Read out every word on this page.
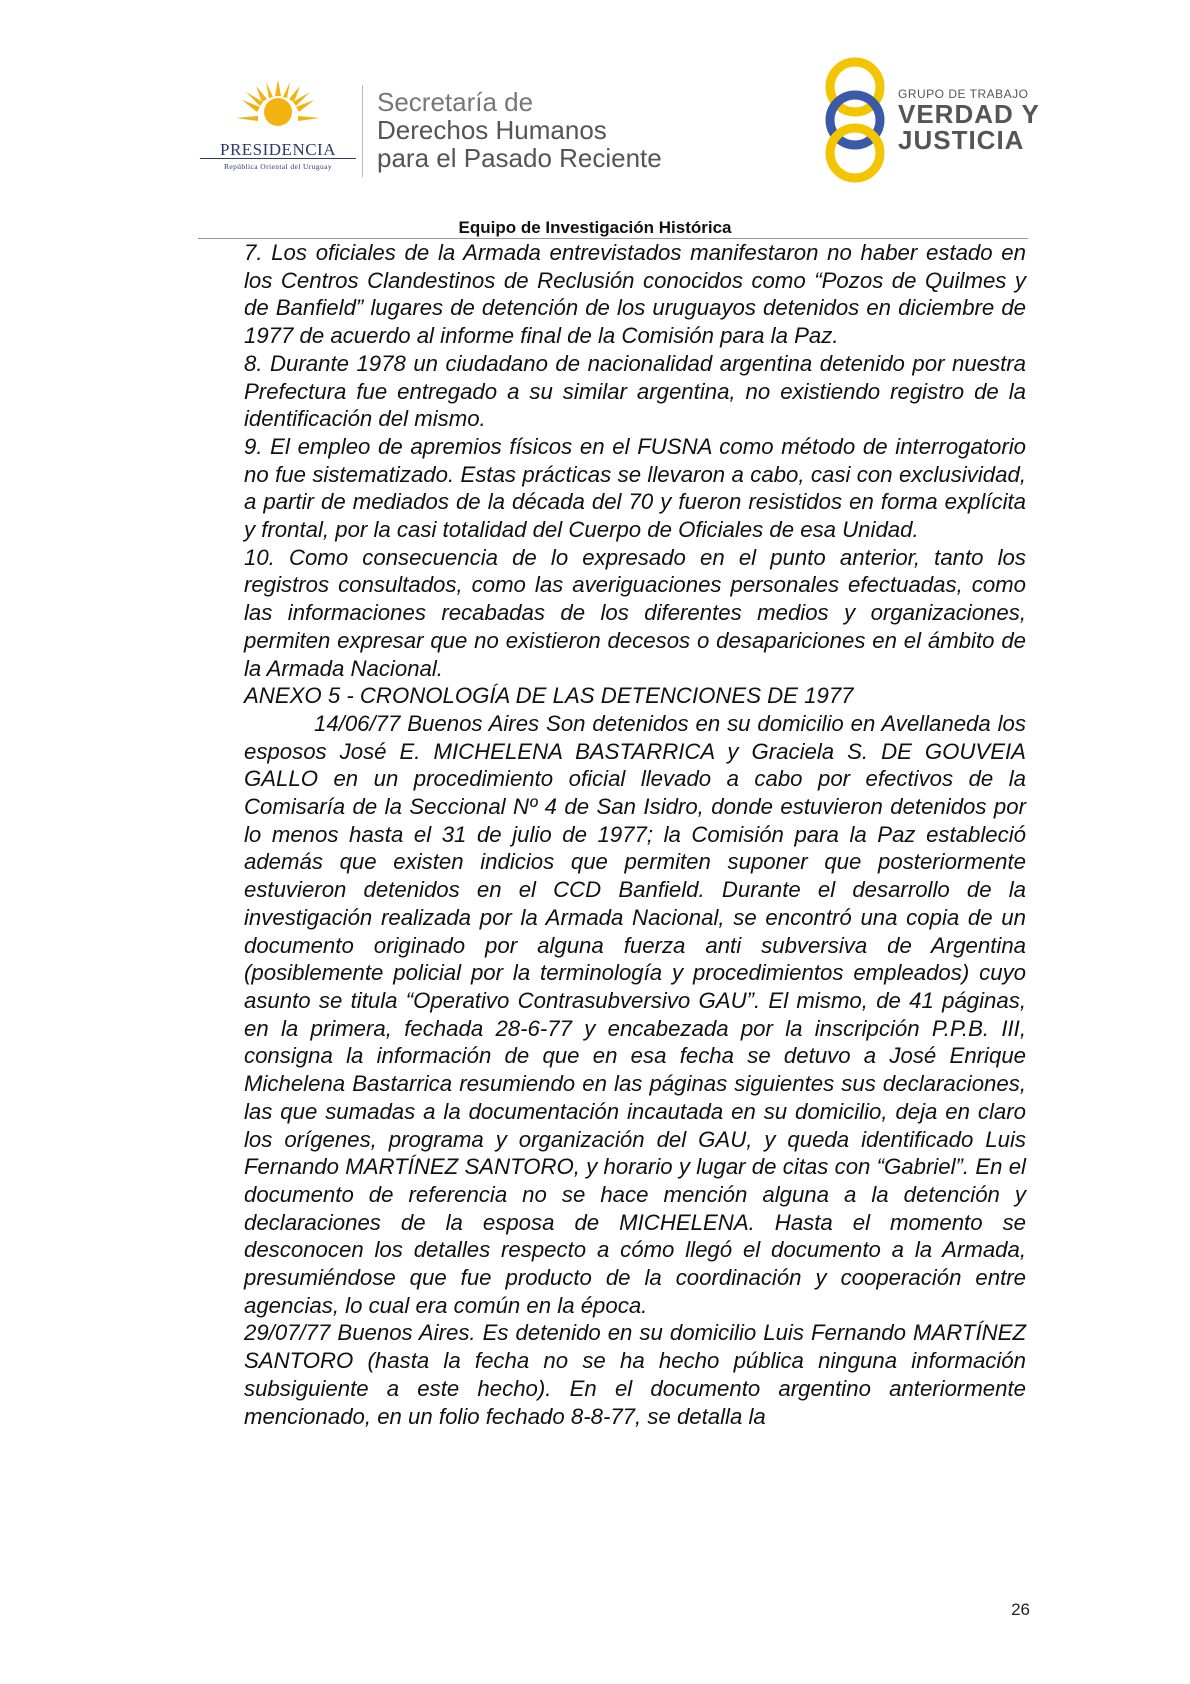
PRESIDENCIA
República Oriental del Uruguay
Secretaría de
Derechos Humanos
para el Pasado Reciente
GRUPO DE TRABAJO
VERDAD Y
JUSTICIA
Equipo de Investigación Histórica

7. Los oficiales de la Armada entrevistados manifestaron no haber estado en los Centros Clandestinos de Reclusión conocidos como “Pozos de Quilmes y de Banfield” lugares de detención de los uruguayos detenidos en diciembre de 1977 de acuerdo al informe final de la Comisión para la Paz.

8. Durante 1978 un ciudadano de nacionalidad argentina detenido por nuestra Prefectura fue entregado a su similar argentina, no existiendo registro de la identificación del mismo.

9. El empleo de apremios físicos en el FUSNA como método de interrogatorio no fue sistematizado. Estas prácticas se llevaron a cabo, casi con exclusividad, a partir de mediados de la década del 70 y fueron resistidos en forma explícita y frontal, por la casi totalidad del Cuerpo de Oficiales de esa Unidad.

10. Como consecuencia de lo expresado en el punto anterior, tanto los registros consultados, como las averiguaciones personales efectuadas, como las informaciones recabadas de los diferentes medios y organizaciones, permiten expresar que no existieron decesos o desapariciones en el ámbito de la Armada Nacional.

ANEXO 5 - CRONOLOGÍA DE LAS DETENCIONES DE 1977

14/06/77 Buenos Aires Son detenidos en su domicilio en Avellaneda los esposos José E. MICHELENA BASTARRICA y Graciela S. DE GOUVEIA GALLO en un procedimiento oficial llevado a cabo por efectivos de la Comisaría de la Seccional Nº 4 de San Isidro, donde estuvieron detenidos por lo menos hasta el 31 de julio de 1977; la Comisión para la Paz estableció además que existen indicios que permiten suponer que posteriormente estuvieron detenidos en el CCD Banfield. Durante el desarrollo de la investigación realizada por la Armada Nacional, se encontró una copia de un documento originado por alguna fuerza anti subversiva de Argentina (posiblemente policial por la terminología y procedimientos empleados) cuyo asunto se titula “Operativo Contrasubversivo GAU”. El mismo, de 41 páginas, en la primera, fechada 28-6-77 y encabezada por la inscripción P.P.B. III, consigna la información de que en esa fecha se detuvo a José Enrique Michelena Bastarrica resumiendo en las páginas siguientes sus declaraciones, las que sumadas a la documentación incautada en su domicilio, deja en claro los orígenes, programa y organización del GAU, y queda identificado Luis Fernando MARTÍNEZ SANTORO, y horario y lugar de citas con “Gabriel”. En el documento de referencia no se hace mención alguna a la detención y declaraciones de la esposa de MICHELENA. Hasta el momento se desconocen los detalles respecto a cómo llegó el documento a la Armada, presumiéndose que fue producto de la coordinación y cooperación entre agencias, lo cual era común en la época.

29/07/77 Buenos Aires. Es detenido en su domicilio Luis Fernando MARTÍNEZ SANTORO (hasta la fecha no se ha hecho pública ninguna información subsiguiente a este hecho). En el documento argentino anteriormente mencionado, en un folio fechado 8-8-77, se detalla la

26
